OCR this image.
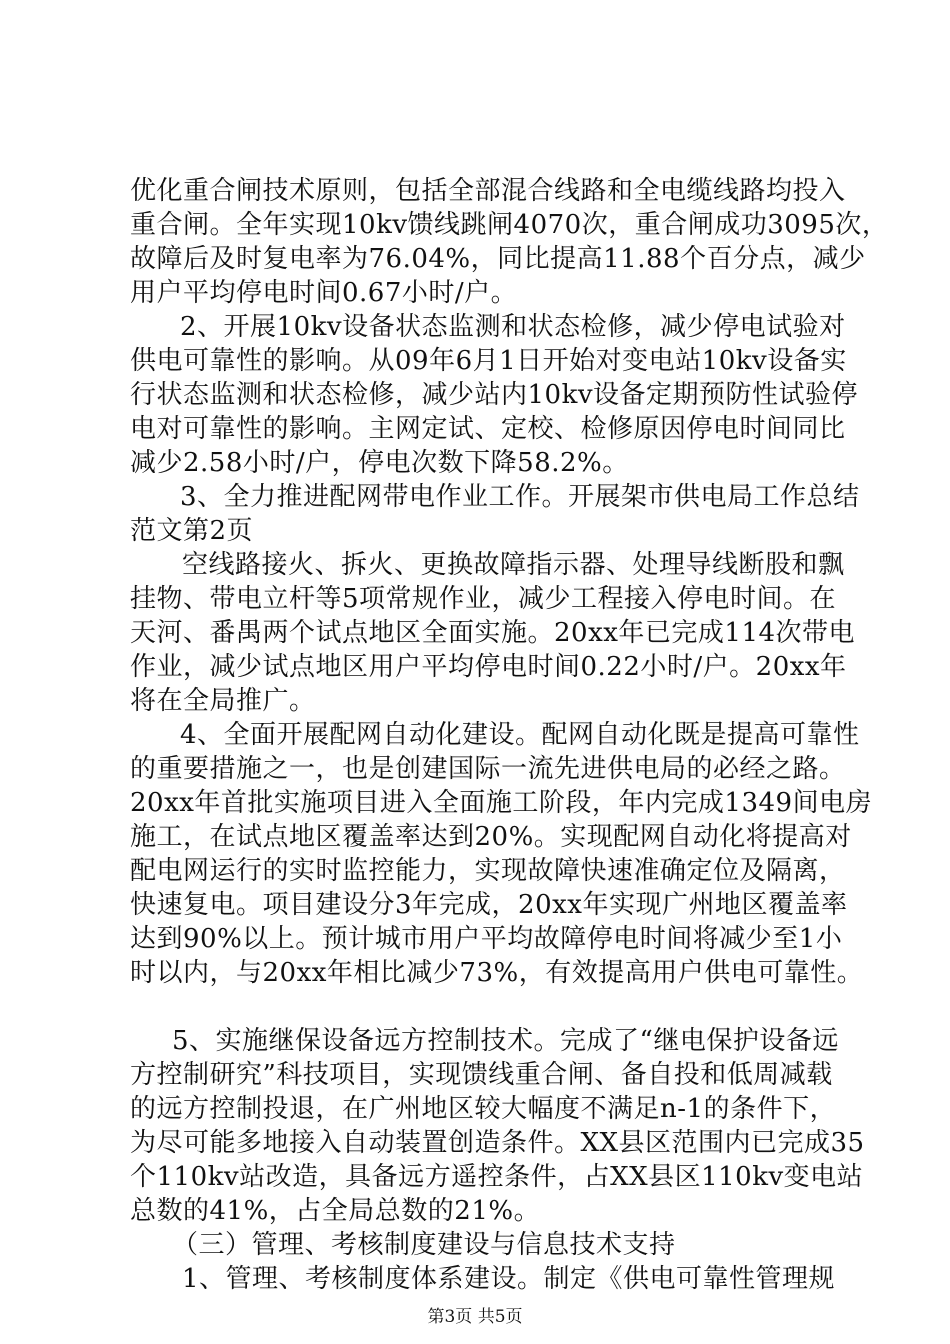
优化重合闸技术原则，包括全部混合线路和全电缆线路均投入
重合闸。全年实现10kv馈线跳闸4070次，重合闸成功3095次，
故障后及时复电率为76.04%，同比提高11.88个百分点，减少
用户平均停电时间0.67小时/户。
2、开展10kv设备状态监测和状态检修，减少停电试验对
供电可靠性的影响。从09年6月1日开始对变电站10kv设备实
行状态监测和状态检修，减少站内10kv设备定期预防性试验停
电对可靠性的影响。主网定试、定校、检修原因停电时间同比
减少2.58小时/户，停电次数下降58.2%。
3、全力推进配网带电作业工作。开展架市供电局工作总结
范文第2页
空线路接火、拆火、更换故障指示器、处理导线断股和飘
挂物、带电立杆等5项常规作业，减少工程接入停电时间。在
天河、番禺两个试点地区全面实施。20xx年已完成114次带电
作业，减少试点地区用户平均停电时间0.22小时/户。20xx年
将在全局推广。
4、全面开展配网自动化建设。配网自动化既是提高可靠性
的重要措施之一，也是创建国际一流先进供电局的必经之路。
20xx年首批实施项目进入全面施工阶段，年内完成1349间电房
施工，在试点地区覆盖率达到20%。实现配网自动化将提高对
配电网运行的实时监控能力，实现故障快速准确定位及隔离，
快速复电。项目建设分3年完成，20xx年实现广州地区覆盖率
达到90%以上。预计城市用户平均故障停电时间将减少至1小
时以内，与20xx年相比减少73%，有效提高用户供电可靠性。
5、实施继保设备远方控制技术。完成了“继电保护设备远
方控制研究”科技项目，实现馈线重合闸、备自投和低周减载
的远方控制投退，在广州地区较大幅度不满足n-1的条件下，
为尽可能多地接入自动装置创造条件。XX县区范围内已完成35
个110kv站改造，具备远方遥控条件，占XX县区110kv变电站
总数的41%，占全局总数的21%。
（三）管理、考核制度建设与信息技术支持
1、管理、考核制度体系建设。制定《供电可靠性管理规
第3页 共5页
